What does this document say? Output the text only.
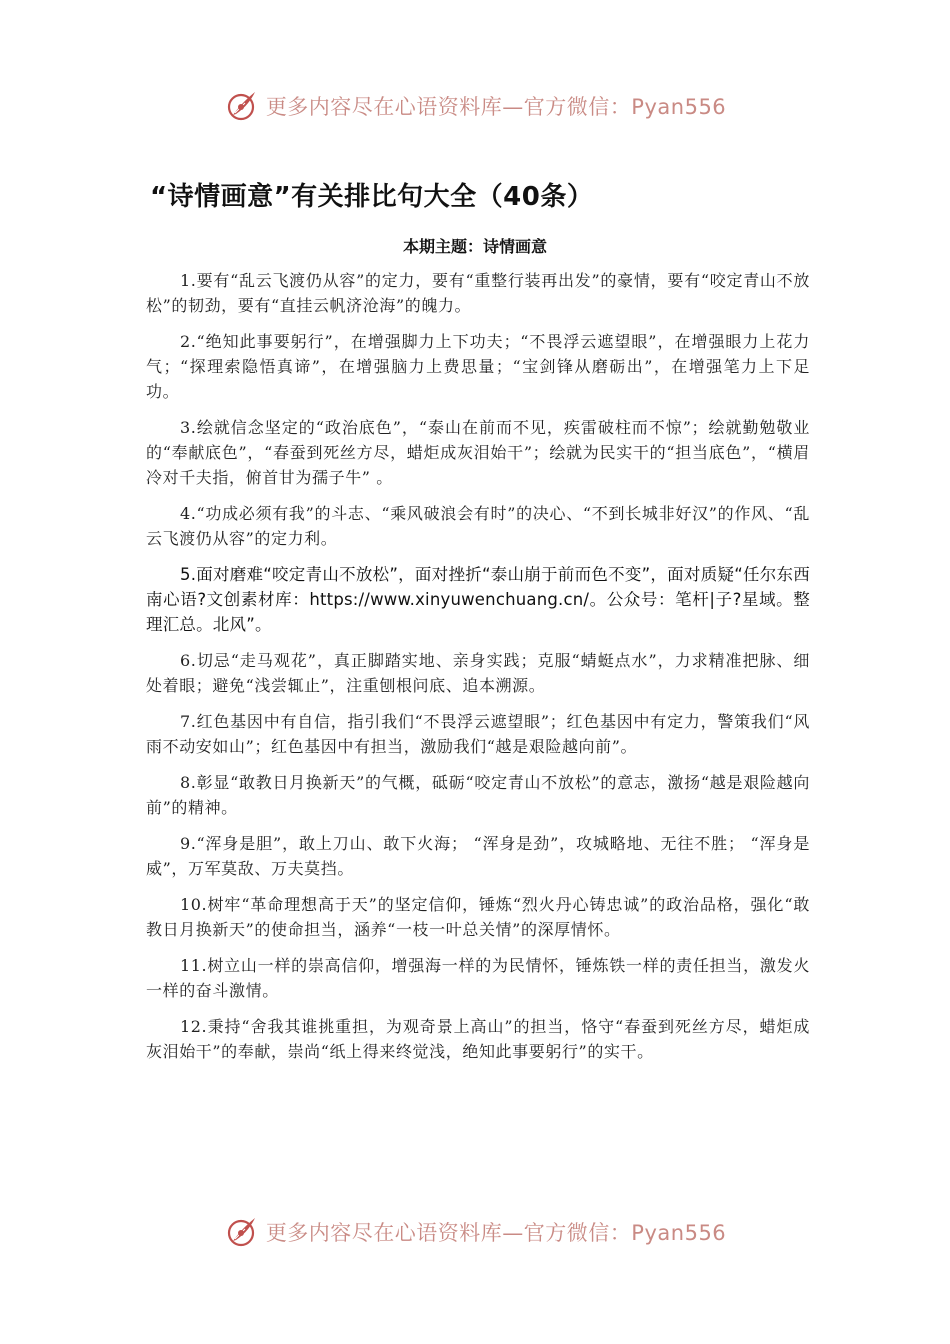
更多内容尽在心语资料库—官方微信：Pyan556
“诗情画意”有关排比句大全（40条）
本期主题：诗情画意

1.要有“乱云飞渡仍从容”的定力，要有“重整行装再出发”的豪情，要有“咬定青山不放松”的韧劲，要有“直挂云帆济沧海”的魄力。

2.“绝知此事要躬行”，在增强脚力上下功夫；“不畏浮云遮望眼”，在增强眼力上花力气；“探理索隐悟真谛”，在增强脑力上费思量；“宝剑锋从磨砺出”，在增强笔力上下足功。

3.绘就信念坚定的“政治底色”，“泰山在前而不见，疾雷破柱而不惊”；绘就勤勉敬业的“奉献底色”，“春蚕到死丝方尽，蜡炬成灰泪始干”；绘就为民实干的“担当底色”，“横眉冷对千夫指，俯首甘为孺子牛” 。

4.“功成必须有我”的斗志、“乘风破浪会有时”的决心、“不到长城非好汉”的作风、“乱云飞渡仍从容”的定力利。

5.面对磨难“咬定青山不放松”，面对挫折“泰山崩于前而色不变”，面对质疑“任尔东西南心语?文创素材库：https://www.xinyuwenchuang.cn/。公众号：笔杆|子?星域。整理汇总。北风”。

6.切忌“走马观花”，真正脚踏实地、亲身实践；克服“蜻蜓点水”，力求精准把脉、细处着眼；避免“浅尝辄止”，注重刨根问底、追本溯源。

7.红色基因中有自信，指引我们“不畏浮云遮望眼”；红色基因中有定力，警策我们“风雨不动安如山”；红色基因中有担当，激励我们“越是艰险越向前”。

8.彰显“敢教日月换新天”的气概，砥砺“咬定青山不放松”的意志，激扬“越是艰险越向前”的精神。

9.“浑身是胆”，敢上刀山、敢下火海； “浑身是劲”，攻城略地、无往不胜； “浑身是威”，万军莫敌、万夫莫挡。

10.树牢“革命理想高于天”的坚定信仰，锤炼“烈火丹心铸忠诚”的政治品格，强化“敢教日月换新天”的使命担当，涵养“一枝一叶总关情”的深厚情怀。

11.树立山一样的崇高信仰，增强海一样的为民情怀，锤炼铁一样的责任担当，激发火一样的奋斗激情。

12.秉持“舍我其谁挑重担，为观奇景上高山”的担当，恪守“春蚕到死丝方尽，蜡炬成灰泪始干”的奉献，崇尚“纸上得来终觉浅，绝知此事要躬行”的实干。

更多内容尽在心语资料库—官方微信：Pyan556
